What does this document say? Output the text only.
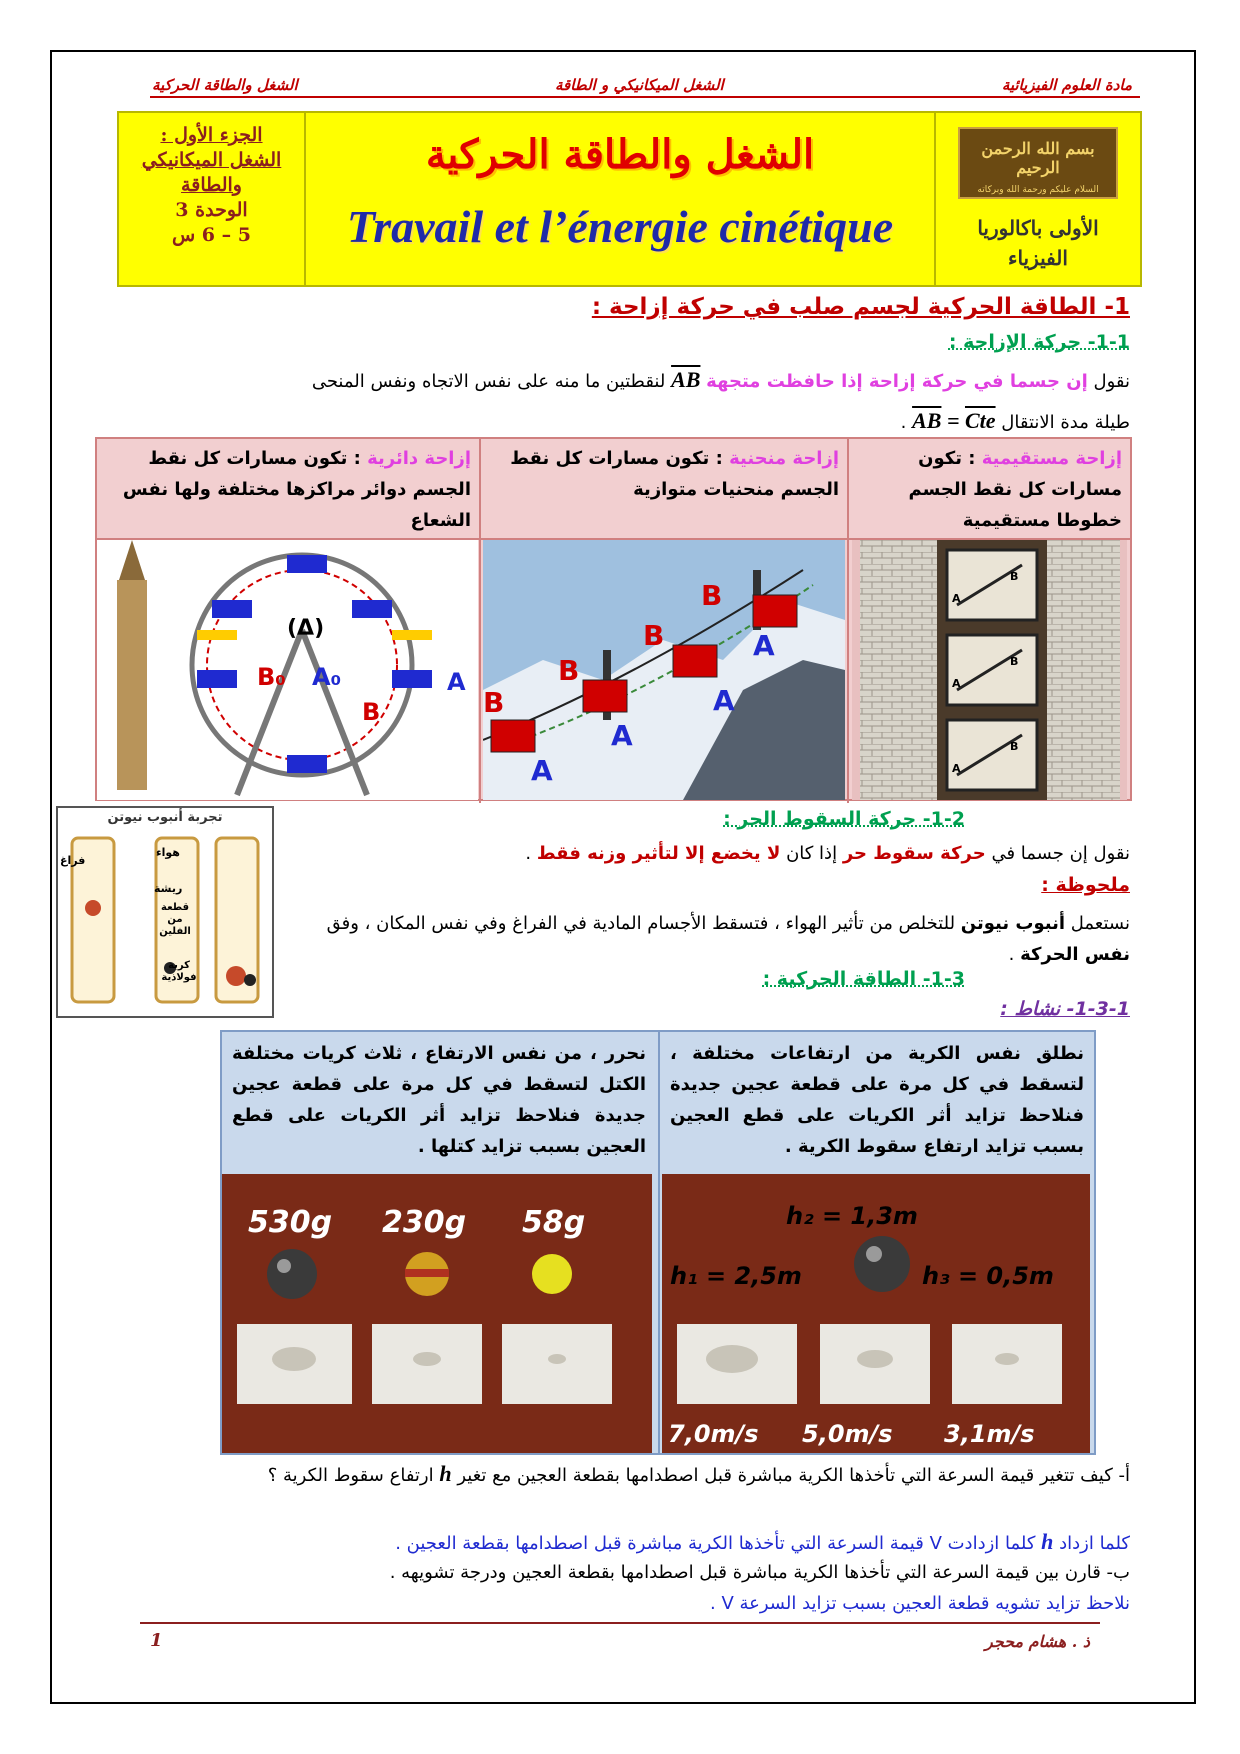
مادة العلوم الفيزيائية
الشغل الميكانيكي و الطاقة
الشغل والطاقة الحركية
الجزء الأول :
الشغل الميكانيكي
والطاقة
الوحدة 3
5 – 6 س
الشغل والطاقة الحركية
Travail et l’énergie cinétique
بسم الله الرحمن الرحيم
السلام عليكم ورحمة الله وبركاته
الأولى باكالوريا
الفيزياء
1- الطاقة الحركية لجسم صلب في حركة إزاحة :
1-1- حركة الإزاحة :
نقول إن جسما في حركة إزاحة إذا حافظت متجهة AB لنقطتين ما منه على نفس الاتجاه ونفس المنحى
طيلة مدة الانتقال $\overline{AB} = \overline{Cte}$ .
إزاحة مستقيمية : تكون مسارات كل نقط الجسم خطوطا مستقيمية
إزاحة منحنية : تكون مسارات كل نقط الجسم منحنيات متوازية
إزاحة دائرية : تكون مسارات كل نقط الجسم دوائر مراكزها مختلفة ولها نفس الشعاع
A
B
A
B
A
B
B
B
B
B
A
A
A
A
(Δ)
B₀ A₀
B
A
تجربة أنبوب نيوتن
فراغ
هواء
ريشة
قطعة من الفلين
كرية فولاذية
1-2- حركة السقوط الحر :
نقول إن جسما في حركة سقوط حر إذا كان لا يخضع إلا لتأثير وزنه فقط .
ملحوظة :
نستعمل أنبوب نيوتن للتخلص من تأثير الهواء ، فتسقط الأجسام المادية في الفراغ وفي نفس المكان ، وفق نفس الحركة .
1-3- الطاقة الحركية :
1-3-1- نشاط :
نطلق نفس الكرية من ارتفاعات مختلفة ، لتسقط في كل مرة على قطعة عجين جديدة فنلاحظ تزايد أثر الكريات على قطع العجين بسبب تزايد ارتفاع سقوط الكرية .
نحرر ، من نفس الارتفاع ، ثلاث كريات مختلفة الكتل لتسقط في كل مرة على قطعة عجين جديدة فنلاحظ تزايد أثر الكريات على قطع العجين بسبب تزايد كتلها .
h₂ = 1,3m
h₁ = 2,5m	h₃ = 0,5m
7,0m/s 5,0m/s 3,1m/s
530g 230g 58g
أ- كيف تتغير قيمة السرعة التي تأخذها الكرية مباشرة قبل اصطدامها بقطعة العجين مع تغير h ارتفاع سقوط الكرية ؟
كلما ازداد h كلما ازدادت V قيمة السرعة التي تأخذها الكرية مباشرة قبل اصطدامها بقطعة العجين .
ب- قارن بين قيمة السرعة التي تأخذها الكرية مباشرة قبل اصطدامها بقطعة العجين ودرجة تشويهه .
نلاحظ تزايد تشويه قطعة العجين بسبب تزايد السرعة V .
ذ . هشام محجر
1
